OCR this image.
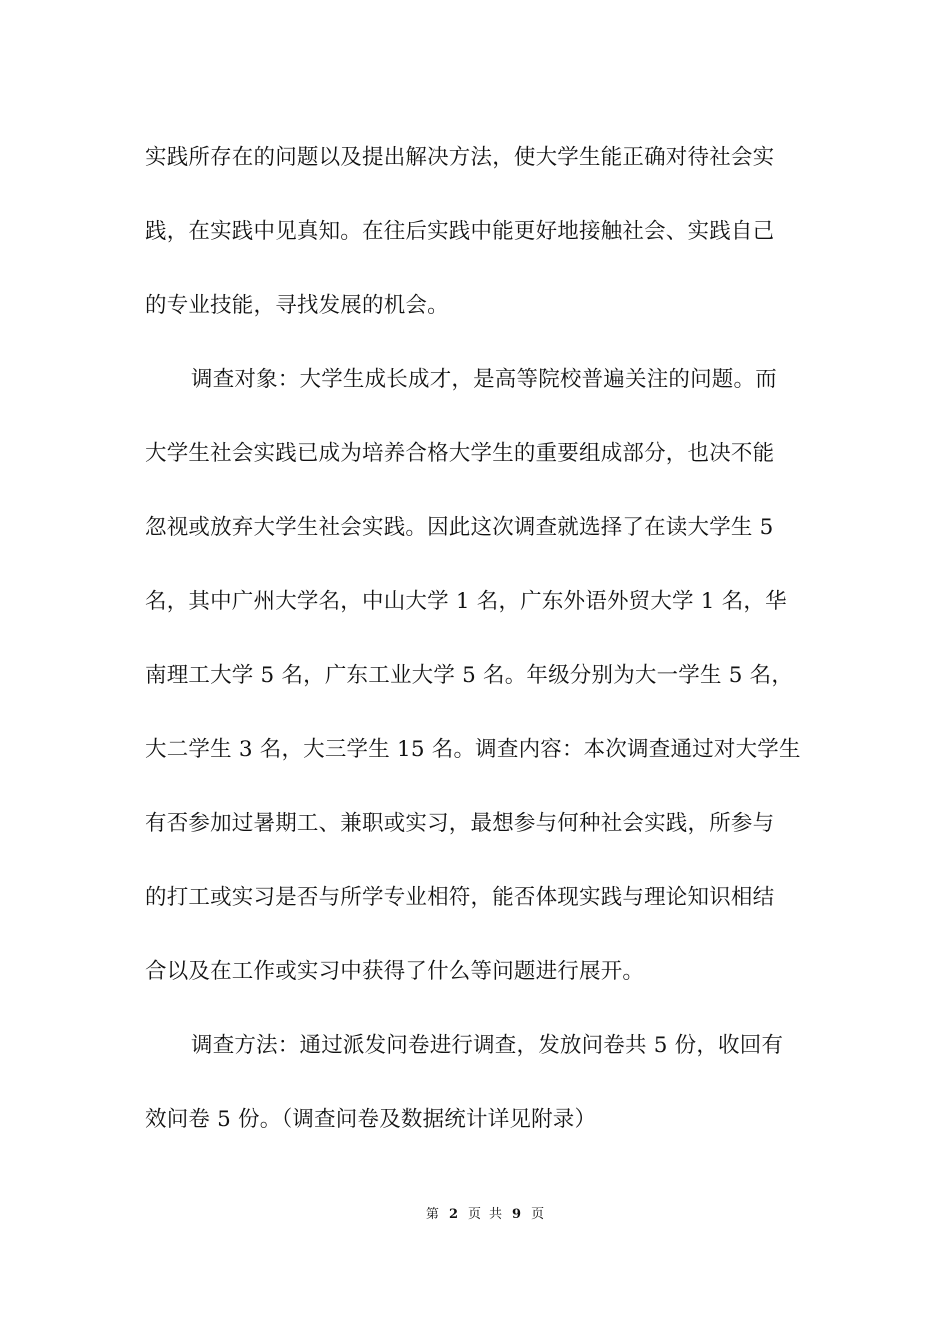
实践所存在的问题以及提出解决方法，使大学生能正确对待社会实
践，在实践中见真知。在往后实践中能更好地接触社会、实践自己
的专业技能，寻找发展的机会。
调查对象：大学生成长成才，是高等院校普遍关注的问题。而
大学生社会实践已成为培养合格大学生的重要组成部分，也决不能
忽视或放弃大学生社会实践。因此这次调查就选择了在读大学生 5
名，其中广州大学名，中山大学 1 名，广东外语外贸大学 1 名，华
南理工大学 5 名，广东工业大学 5 名。年级分别为大一学生 5 名，
大二学生 3 名，大三学生 15 名。调查内容：本次调查通过对大学生
有否参加过暑期工、兼职或实习，最想参与何种社会实践，所参与
的打工或实习是否与所学专业相符，能否体现实践与理论知识相结
合以及在工作或实习中获得了什么等问题进行展开。
调查方法：通过派发问卷进行调查，发放问卷共 5 份，收回有
效问卷 5 份。（调查问卷及数据统计详见附录）
第 2 页 共 9 页
